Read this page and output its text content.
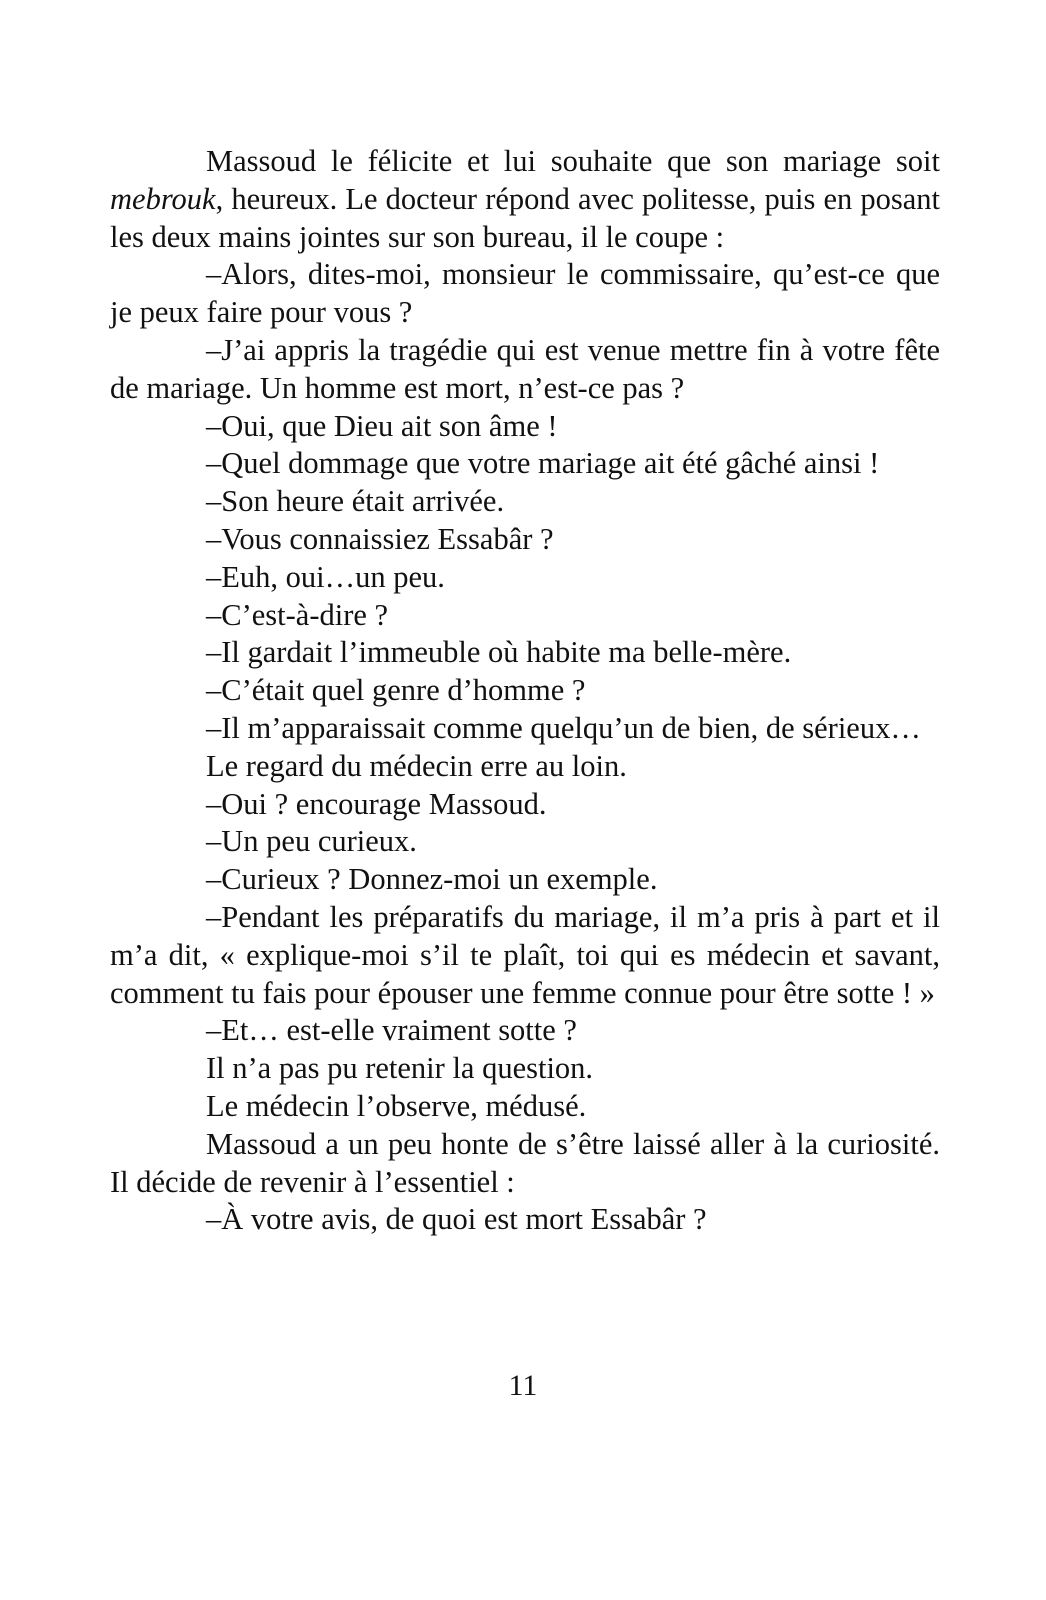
Massoud le félicite et lui souhaite que son mariage soit mebrouk, heureux. Le docteur répond avec politesse, puis en posant les deux mains jointes sur son bureau, il le coupe :

–Alors, dites-moi, monsieur le commissaire, qu’est-ce que je peux faire pour vous ?

–J’ai appris la tragédie qui est venue mettre fin à votre fête de mariage. Un homme est mort, n’est-ce pas ?

–Oui, que Dieu ait son âme !

–Quel dommage que votre mariage ait été gâché ainsi !

–Son heure était arrivée.

–Vous connaissiez Essabâr ?

–Euh, oui…un peu.

–C’est-à-dire ?

–Il gardait l’immeuble où habite ma belle-mère.

–C’était quel genre d’homme ?

–Il m’apparaissait comme quelqu’un de bien, de sérieux…

Le regard du médecin erre au loin.

–Oui ? encourage Massoud.

–Un peu curieux.

–Curieux ? Donnez-moi un exemple.

–Pendant les préparatifs du mariage, il m’a pris à part et il m’a dit, « explique-moi s’il te plaît, toi qui es médecin et savant, comment tu fais pour épouser une femme connue pour être sotte ! »

–Et… est-elle vraiment sotte ?

Il n’a pas pu retenir la question.

Le médecin l’observe, médusé.

Massoud a un peu honte de s’être laissé aller à la curiosité. Il décide de revenir à l’essentiel :

–À votre avis, de quoi est mort Essabâr ?

11
